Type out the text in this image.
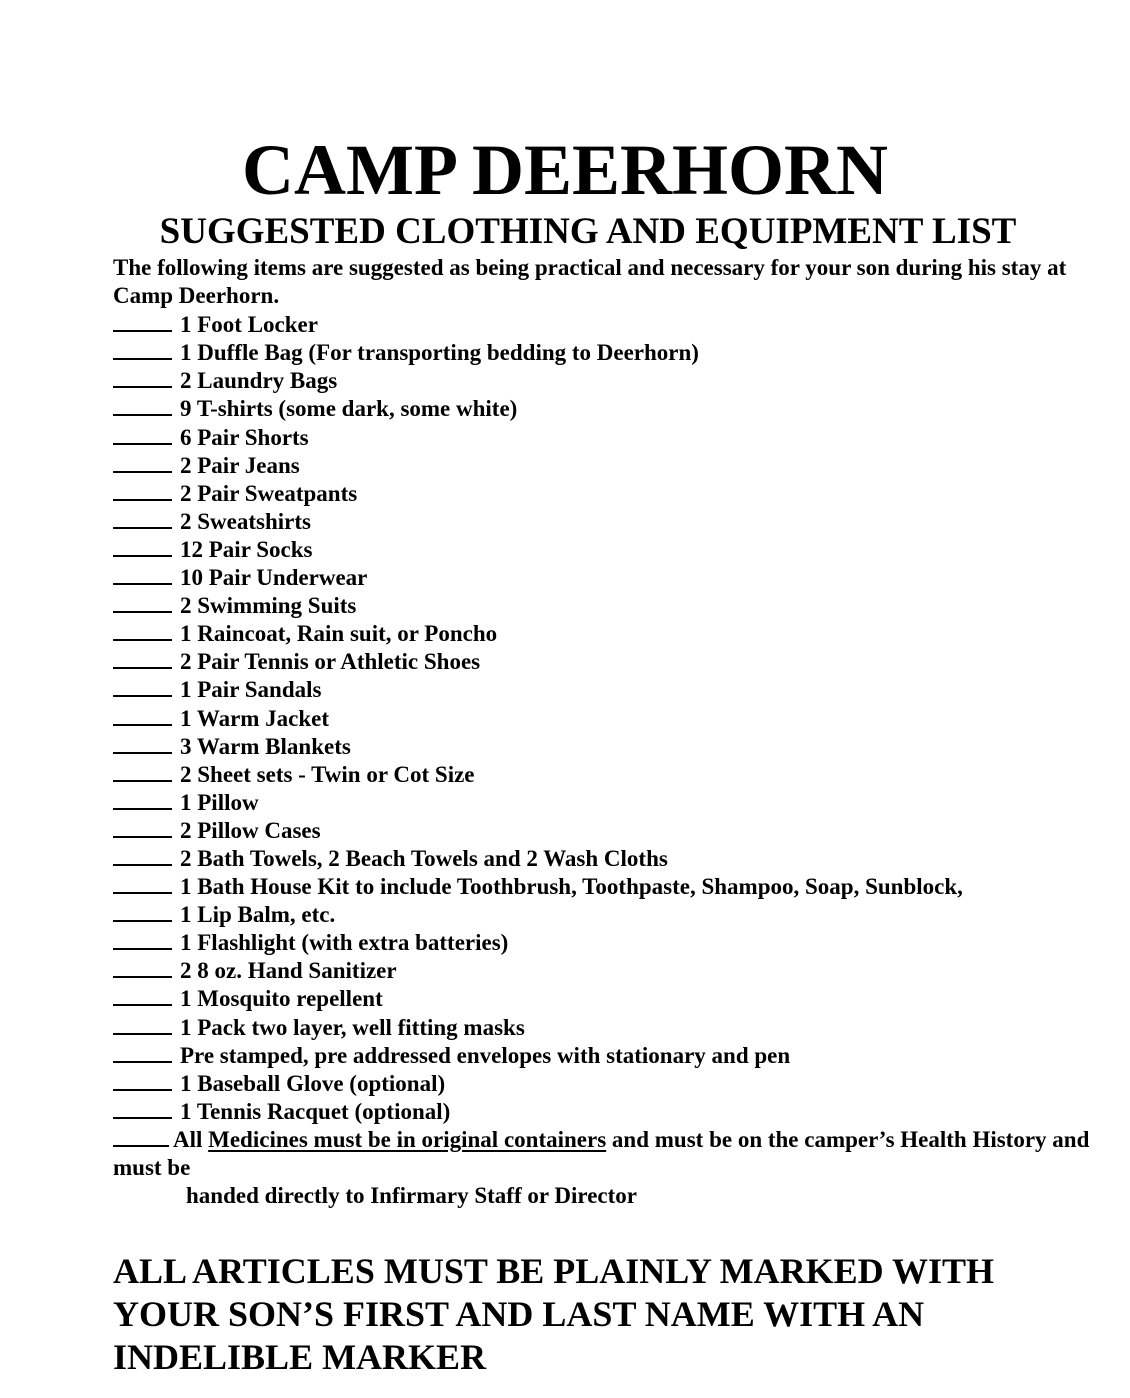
CAMP DEERHORN
SUGGESTED CLOTHING AND EQUIPMENT LIST

The following items are suggested as being practical and necessary for your son during his stay at Camp Deerhorn.

1 Foot Locker
1 Duffle Bag (For transporting bedding to Deerhorn)
2 Laundry Bags
9 T-shirts (some dark, some white)
6 Pair Shorts
2 Pair Jeans
2 Pair Sweatpants
2 Sweatshirts
12 Pair Socks
10 Pair Underwear
2 Swimming Suits
1 Raincoat, Rain suit, or Poncho
2 Pair Tennis or Athletic Shoes
1 Pair Sandals
1 Warm Jacket
3 Warm Blankets
2 Sheet sets - Twin or Cot Size
1 Pillow
2 Pillow Cases
2 Bath Towels, 2 Beach Towels and 2 Wash Cloths
1 Bath House Kit to include Toothbrush, Toothpaste, Shampoo, Soap, Sunblock,
1 Lip Balm, etc.
1 Flashlight (with extra batteries)
2 8 oz. Hand Sanitizer
1 Mosquito repellent
1 Pack two layer, well fitting masks
Pre stamped, pre addressed envelopes with stationary and pen
1 Baseball Glove (optional)
1 Tennis Racquet (optional)

All Medicines must be in original containers and must be on the camper’s Health History and must be

handed directly to Infirmary Staff or Director

ALL ARTICLES MUST BE PLAINLY MARKED WITH YOUR SON’S FIRST AND LAST NAME WITH AN INDELIBLE MARKER
